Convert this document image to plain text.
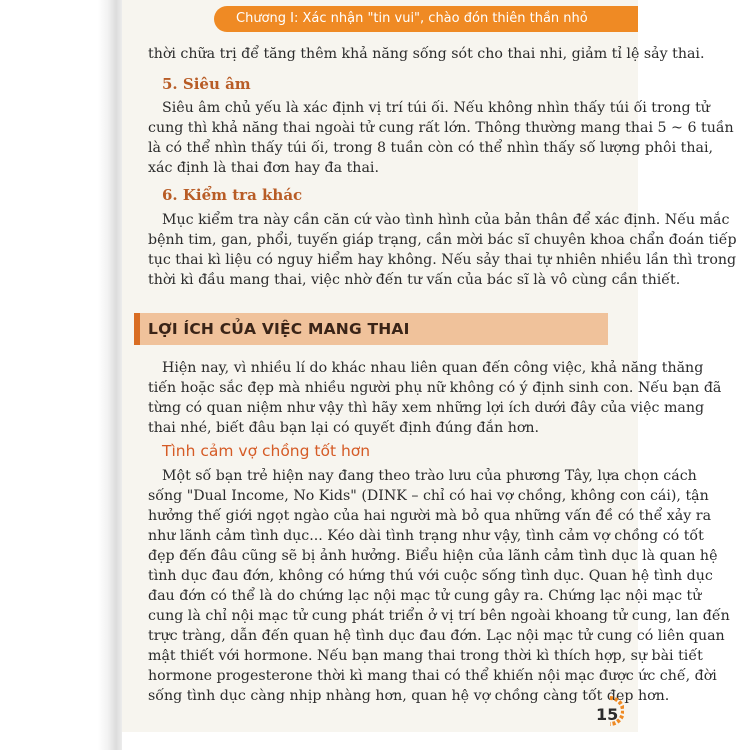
Chương I: Xác nhận "tin vui", chào đón thiên thần nhỏ
thời chữa trị để tăng thêm khả năng sống sót cho thai nhi, giảm tỉ lệ sảy thai.
5. Siêu âm
Siêu âm chủ yếu là xác định vị trí túi ối. Nếu không nhìn thấy túi ối trong tử
cung thì khả năng thai ngoài tử cung rất lớn. Thông thường mang thai 5 ~ 6 tuần
là có thể nhìn thấy túi ối, trong 8 tuần còn có thể nhìn thấy số lượng phôi thai,
xác định là thai đơn hay đa thai.
6. Kiểm tra khác
Mục kiểm tra này cần căn cứ vào tình hình của bản thân để xác định. Nếu mắc
bệnh tim, gan, phổi, tuyến giáp trạng, cần mời bác sĩ chuyên khoa chẩn đoán tiếp
tục thai kì liệu có nguy hiểm hay không. Nếu sảy thai tự nhiên nhiều lần thì trong
thời kì đầu mang thai, việc nhờ đến tư vấn của bác sĩ là vô cùng cần thiết.
LỢI ÍCH CỦA VIỆC MANG THAI
Hiện nay, vì nhiều lí do khác nhau liên quan đến công việc, khả năng thăng
tiến hoặc sắc đẹp mà nhiều người phụ nữ không có ý định sinh con. Nếu bạn đã
từng có quan niệm như vậy thì hãy xem những lợi ích dưới đây của việc mang
thai nhé, biết đâu bạn lại có quyết định đúng đắn hơn.
Tình cảm vợ chồng tốt hơn
Một số bạn trẻ hiện nay đang theo trào lưu của phương Tây, lựa chọn cách
sống "Dual Income, No Kids" (DINK – chỉ có hai vợ chồng, không con cái), tận
hưởng thế giới ngọt ngào của hai người mà bỏ qua những vấn đề có thể xảy ra
như lãnh cảm tình dục... Kéo dài tình trạng như vậy, tình cảm vợ chồng có tốt
đẹp đến đâu cũng sẽ bị ảnh hưởng. Biểu hiện của lãnh cảm tình dục là quan hệ
tình dục đau đớn, không có hứng thú với cuộc sống tình dục. Quan hệ tình dục
đau đớn có thể là do chứng lạc nội mạc tử cung gây ra. Chứng lạc nội mạc tử
cung là chỉ nội mạc tử cung phát triển ở vị trí bên ngoài khoang tử cung, lan đến
trực tràng, dẫn đến quan hệ tình dục đau đớn. Lạc nội mạc tử cung có liên quan
mật thiết với hormone. Nếu bạn mang thai trong thời kì thích hợp, sự bài tiết
hormone progesterone thời kì mang thai có thể khiến nội mạc được ức chế, đời
sống tình dục càng nhịp nhàng hơn, quan hệ vợ chồng càng tốt đẹp hơn.
15
